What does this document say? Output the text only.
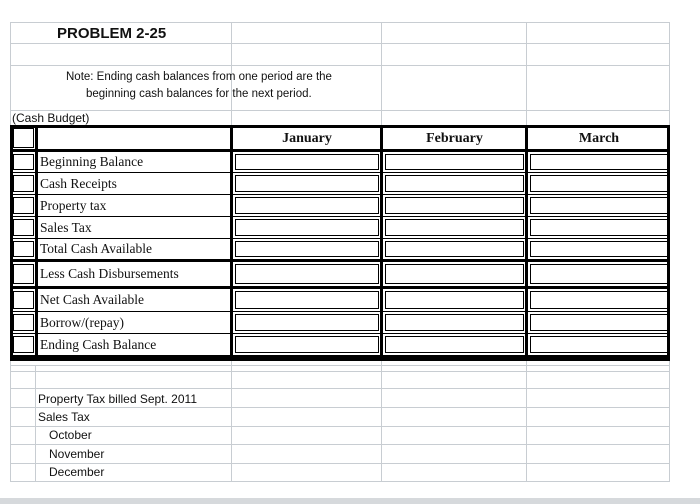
PROBLEM 2-25
Note: Ending cash balances from one period are the
beginning cash balances for the next period.
(Cash Budget)
January	February	March
Beginning Balance
Cash Receipts
Property tax
Sales Tax
Total Cash Available
Less Cash Disbursements
Net Cash Available
Borrow/(repay)
Ending Cash Balance
Property Tax billed Sept. 2011
Sales Tax
October
November
December
